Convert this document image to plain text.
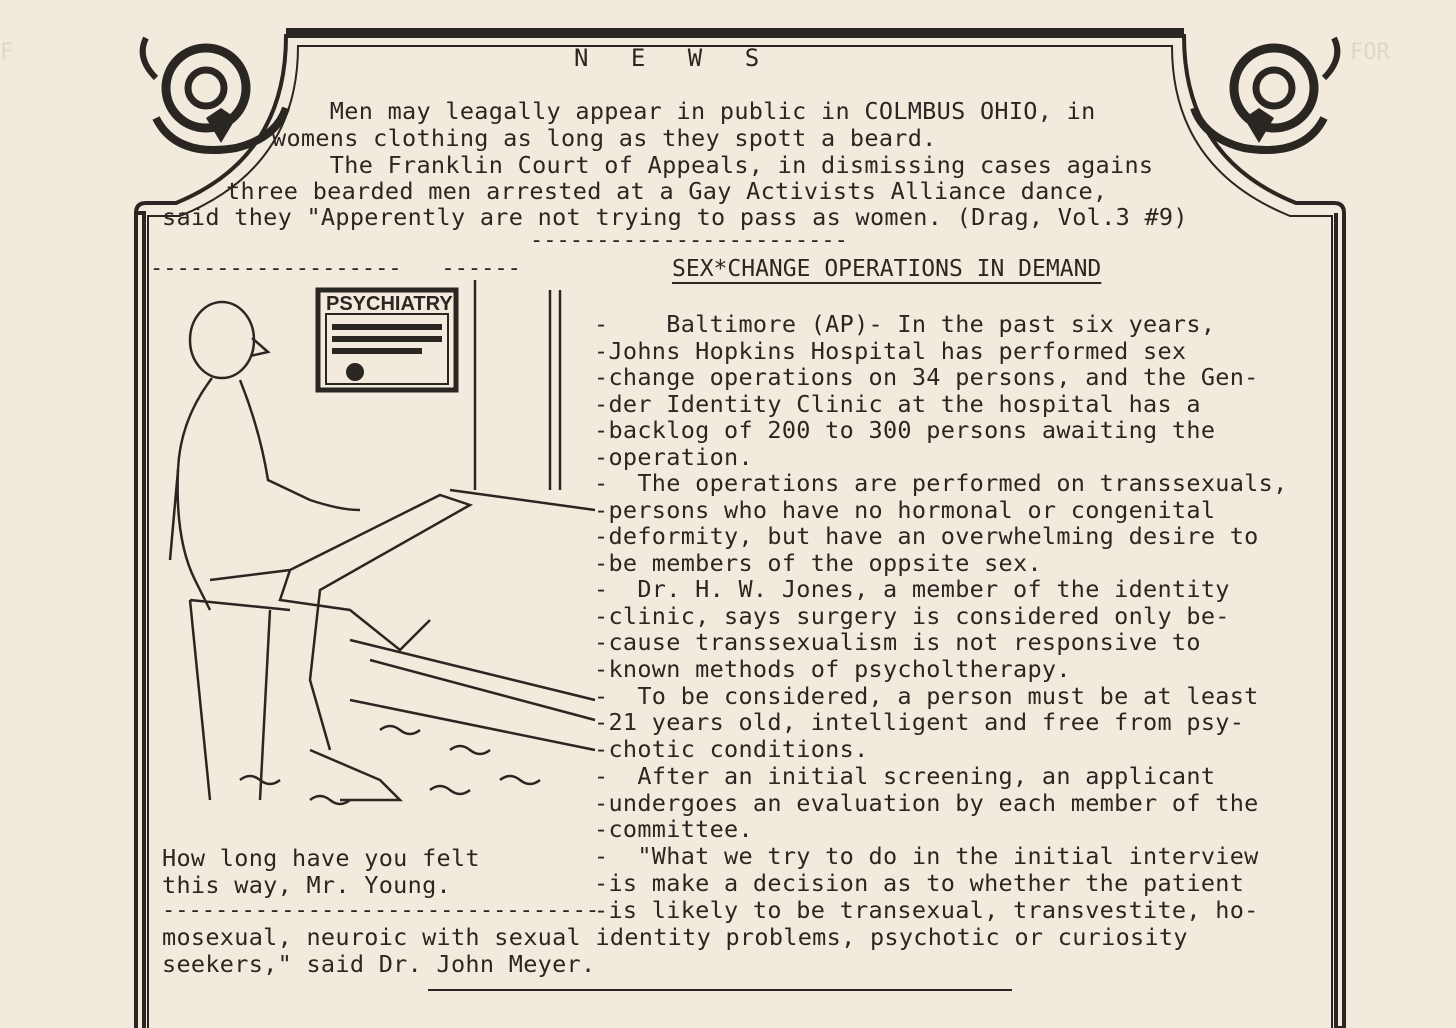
F	FOR
N E W S
Men may leagally appear in public in COLMBUS OHIO, in
womens clothing as long as they spott a beard.
The Franklin Court of Appeals, in dismissing cases agains
three bearded men arrested at a Gay Activists Alliance dance,
said they "Apperently are not trying to pass as women. (Drag, Vol.3 #9)
------------------------
-------------------   ------
PSYCHIATRY
How long have you felt
this way, Mr. Young.
---------------------------------
SEX*CHANGE OPERATIONS IN DEMAND
-    Baltimore (AP)- In the past six years,
-Johns Hopkins Hospital has performed sex
-change operations on 34 persons, and the Gen-
-der Identity Clinic at the hospital has a
-backlog of 200 to 300 persons awaiting the
-operation.
-  The operations are performed on transsexuals,
-persons who have no hormonal or congenital
-deformity, but have an overwhelming desire to
-be members of the oppsite sex.
-  Dr. H. W. Jones, a member of the identity
-clinic, says surgery is considered only be-
-cause transsexualism is not responsive to
-known methods of psycholtherapy.
-  To be considered, a person must be at least
-21 years old, intelligent and free from psy-
-chotic conditions.
-  After an initial screening, an applicant
-undergoes an evaluation by each member of the
-committee.
-  "What we try to do in the initial interview
-is make a decision as to whether the patient
-is likely to be transexual, transvestite, ho-
mosexual, neuroic with sexual identity problems, psychotic or curiosity
seekers," said Dr. John Meyer.
